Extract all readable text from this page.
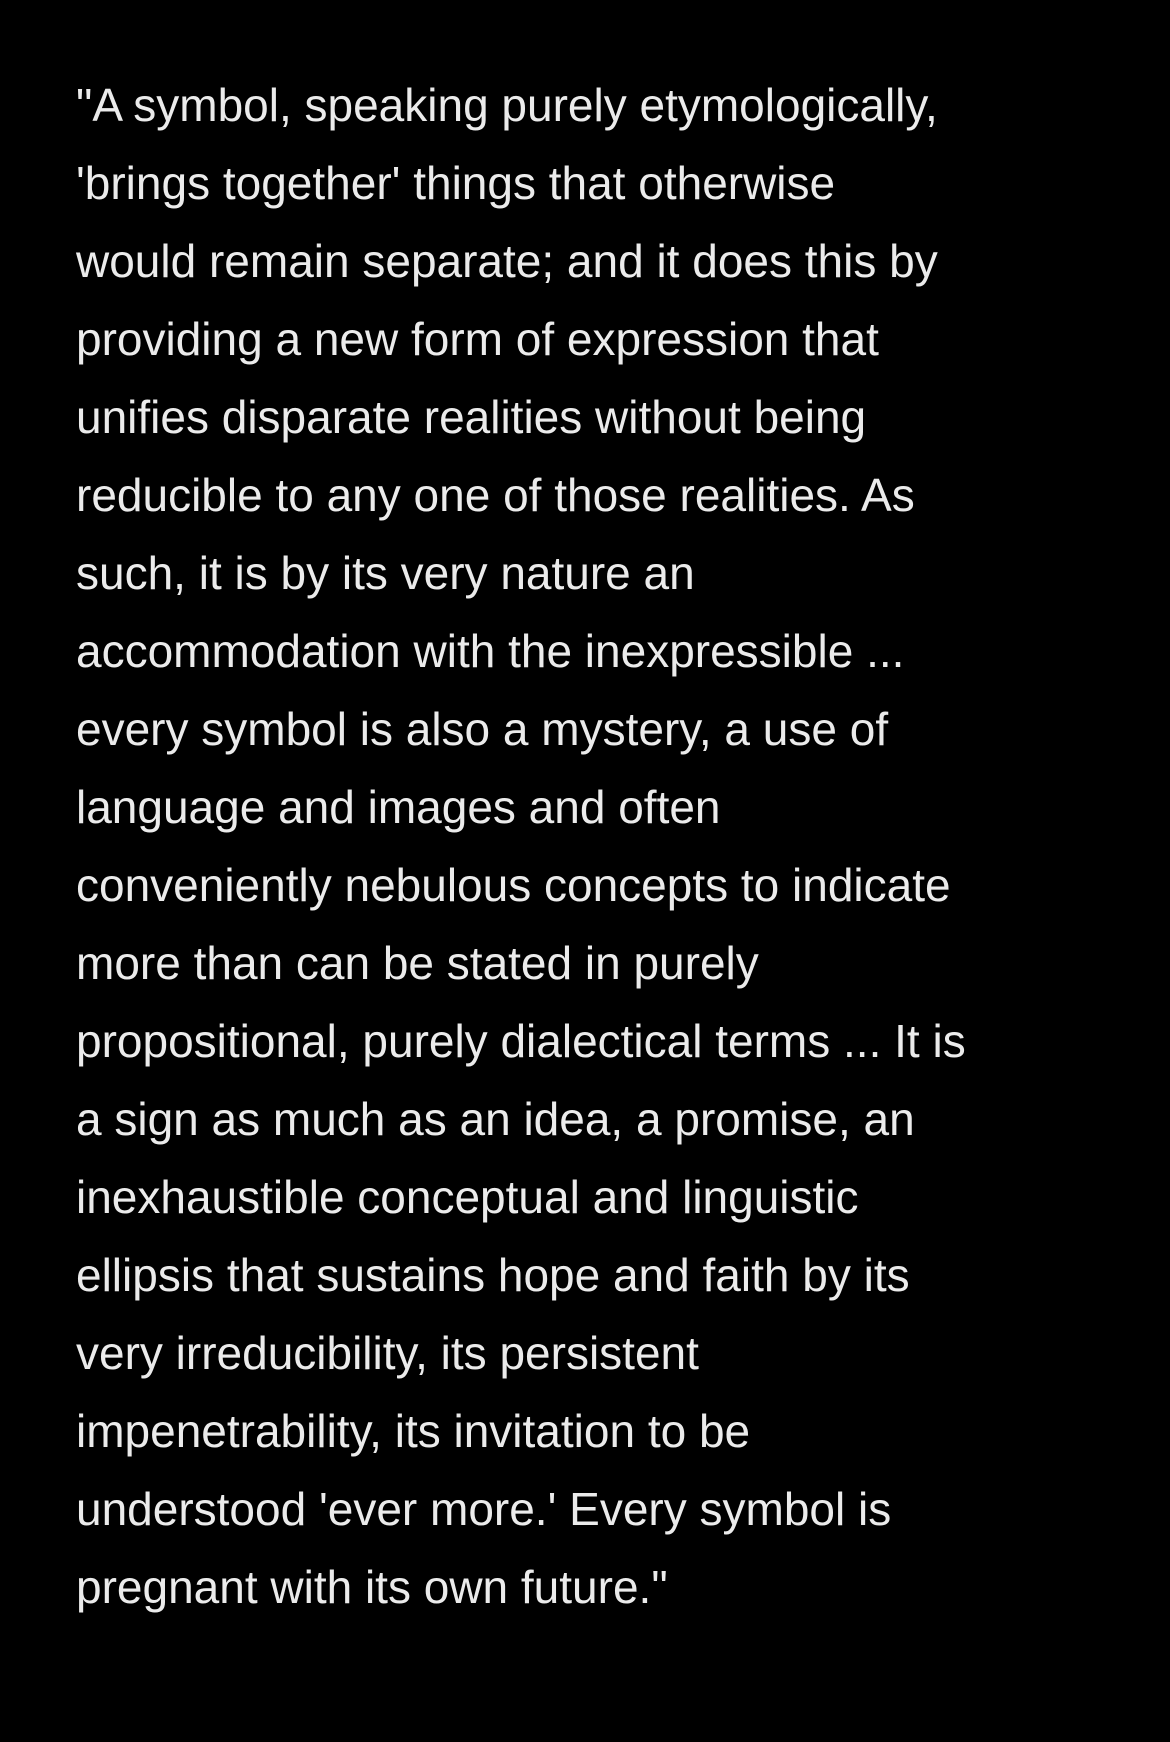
"A symbol, speaking purely etymologically,
'brings together' things that otherwise
would remain separate; and it does this by
providing a new form of expression that
unifies disparate realities without being
reducible to any one of those realities. As
such, it is by its very nature an
accommodation with the inexpressible ...
every symbol is also a mystery, a use of
language and images and often
conveniently nebulous concepts to indicate
more than can be stated in purely
propositional, purely dialectical terms ... It is
a sign as much as an idea, a promise, an
inexhaustible conceptual and linguistic
ellipsis that sustains hope and faith by its
very irreducibility, its persistent
impenetrability, its invitation to be
understood 'ever more.' Every symbol is
pregnant with its own future."
